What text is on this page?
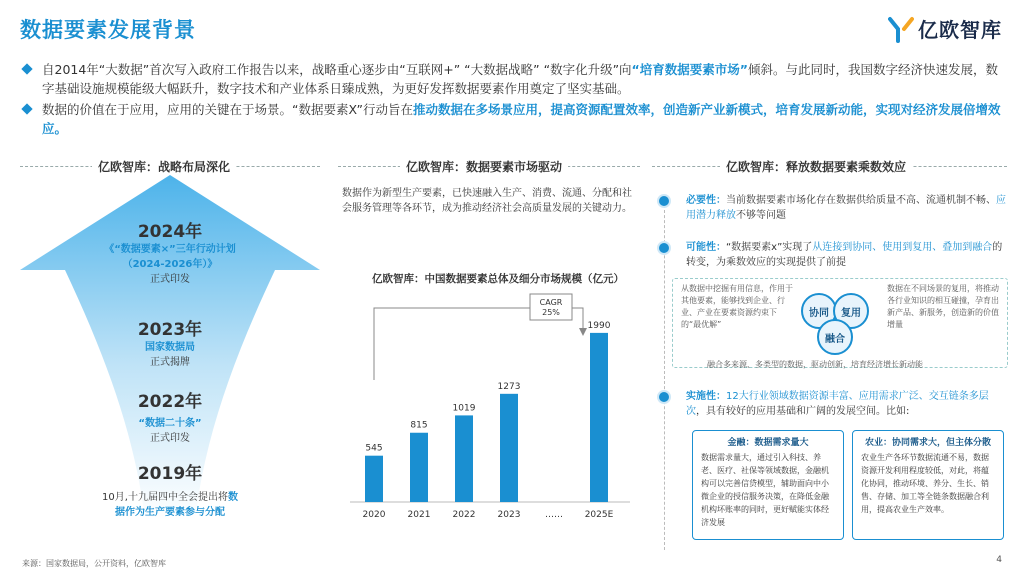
数据要素发展背景	亿欧智库
自2014年“大数据”首次写入政府工作报告以来，战略重心逐步由“互联网+” “大数据战略” “数字化升级”向“培育数据要素市场”倾斜。与此同时，我国数字经济快速发展，数字基础设施规模能级大幅跃升，数字技术和产业体系日臻成熟，为更好发挥数据要素作用奠定了坚实基础。
数据的价值在于应用，应用的关键在于场景。“数据要素X”行动旨在推动数据在多场景应用，提高资源配置效率，创造新产业新模式，培育发展新动能，实现对经济发展倍增效应。
亿欧智库：战略布局深化	亿欧智库：数据要素市场驱动	亿欧智库：释放数据要素乘数效应
2024年
《“数据要素×”三年行动计划
（2024-2026年）》
正式印发
2023年
国家数据局
正式揭牌
2022年
“数据二十条”
正式印发
2019年
10月,十九届四中全会提出将数
据作为生产要素参与分配
数据作为新型生产要素，已快速融入生产、消费、流通、分配和社会服务管理等各环节，成为推动经济社会高质量发展的关键动力。
亿欧智库：中国数据要素总体及细分市场规模（亿元）
CAGR
25%
545
2020
815
2021
1019
2022
1273
2023	……
1990
2025E
必要性：当前数据要素市场化存在数据供给质量不高、流通机制不畅、应用潜力释放不够等问题
可能性：“数据要素x”实现了从连接到协同、使用到复用、叠加到融合的转变，为乘数效应的实现提供了前提
从数据中挖掘有用信息，作用于其他要素，能够找到企业、行业、产业在要素资源约束下的“最优解”
数据在不同场景的复用，将推动各行业知识的相互碰撞，孕育出新产品、新服务，创造新的价值增量
协同	复用
融合
融合多来源、多类型的数据，驱动创新，培育经济增长新动能
实施性：12大行业领域数据资源丰富、应用需求广泛、交互链条多层次，具有较好的应用基础和广阔的发展空间。比如:
金融：数据需求量大
数据需求量大，通过引入科技、养老、医疗、社保等领域数据，金融机构可以完善信贷模型，辅助面向中小微企业的授信服务决策，在降低金融机构坏账率的同时，更好赋能实体经济发展
农业：协同需求大，但主体分散
农业生产各环节数据流通不易，数据资源开发利用程度较低，对此，将蕴化协同，推动环境、养分、生长、销售、存储、加工等全链条数据融合利用，提高农业生产效率。
来源：国家数据局，公开资料，亿欧智库	4
